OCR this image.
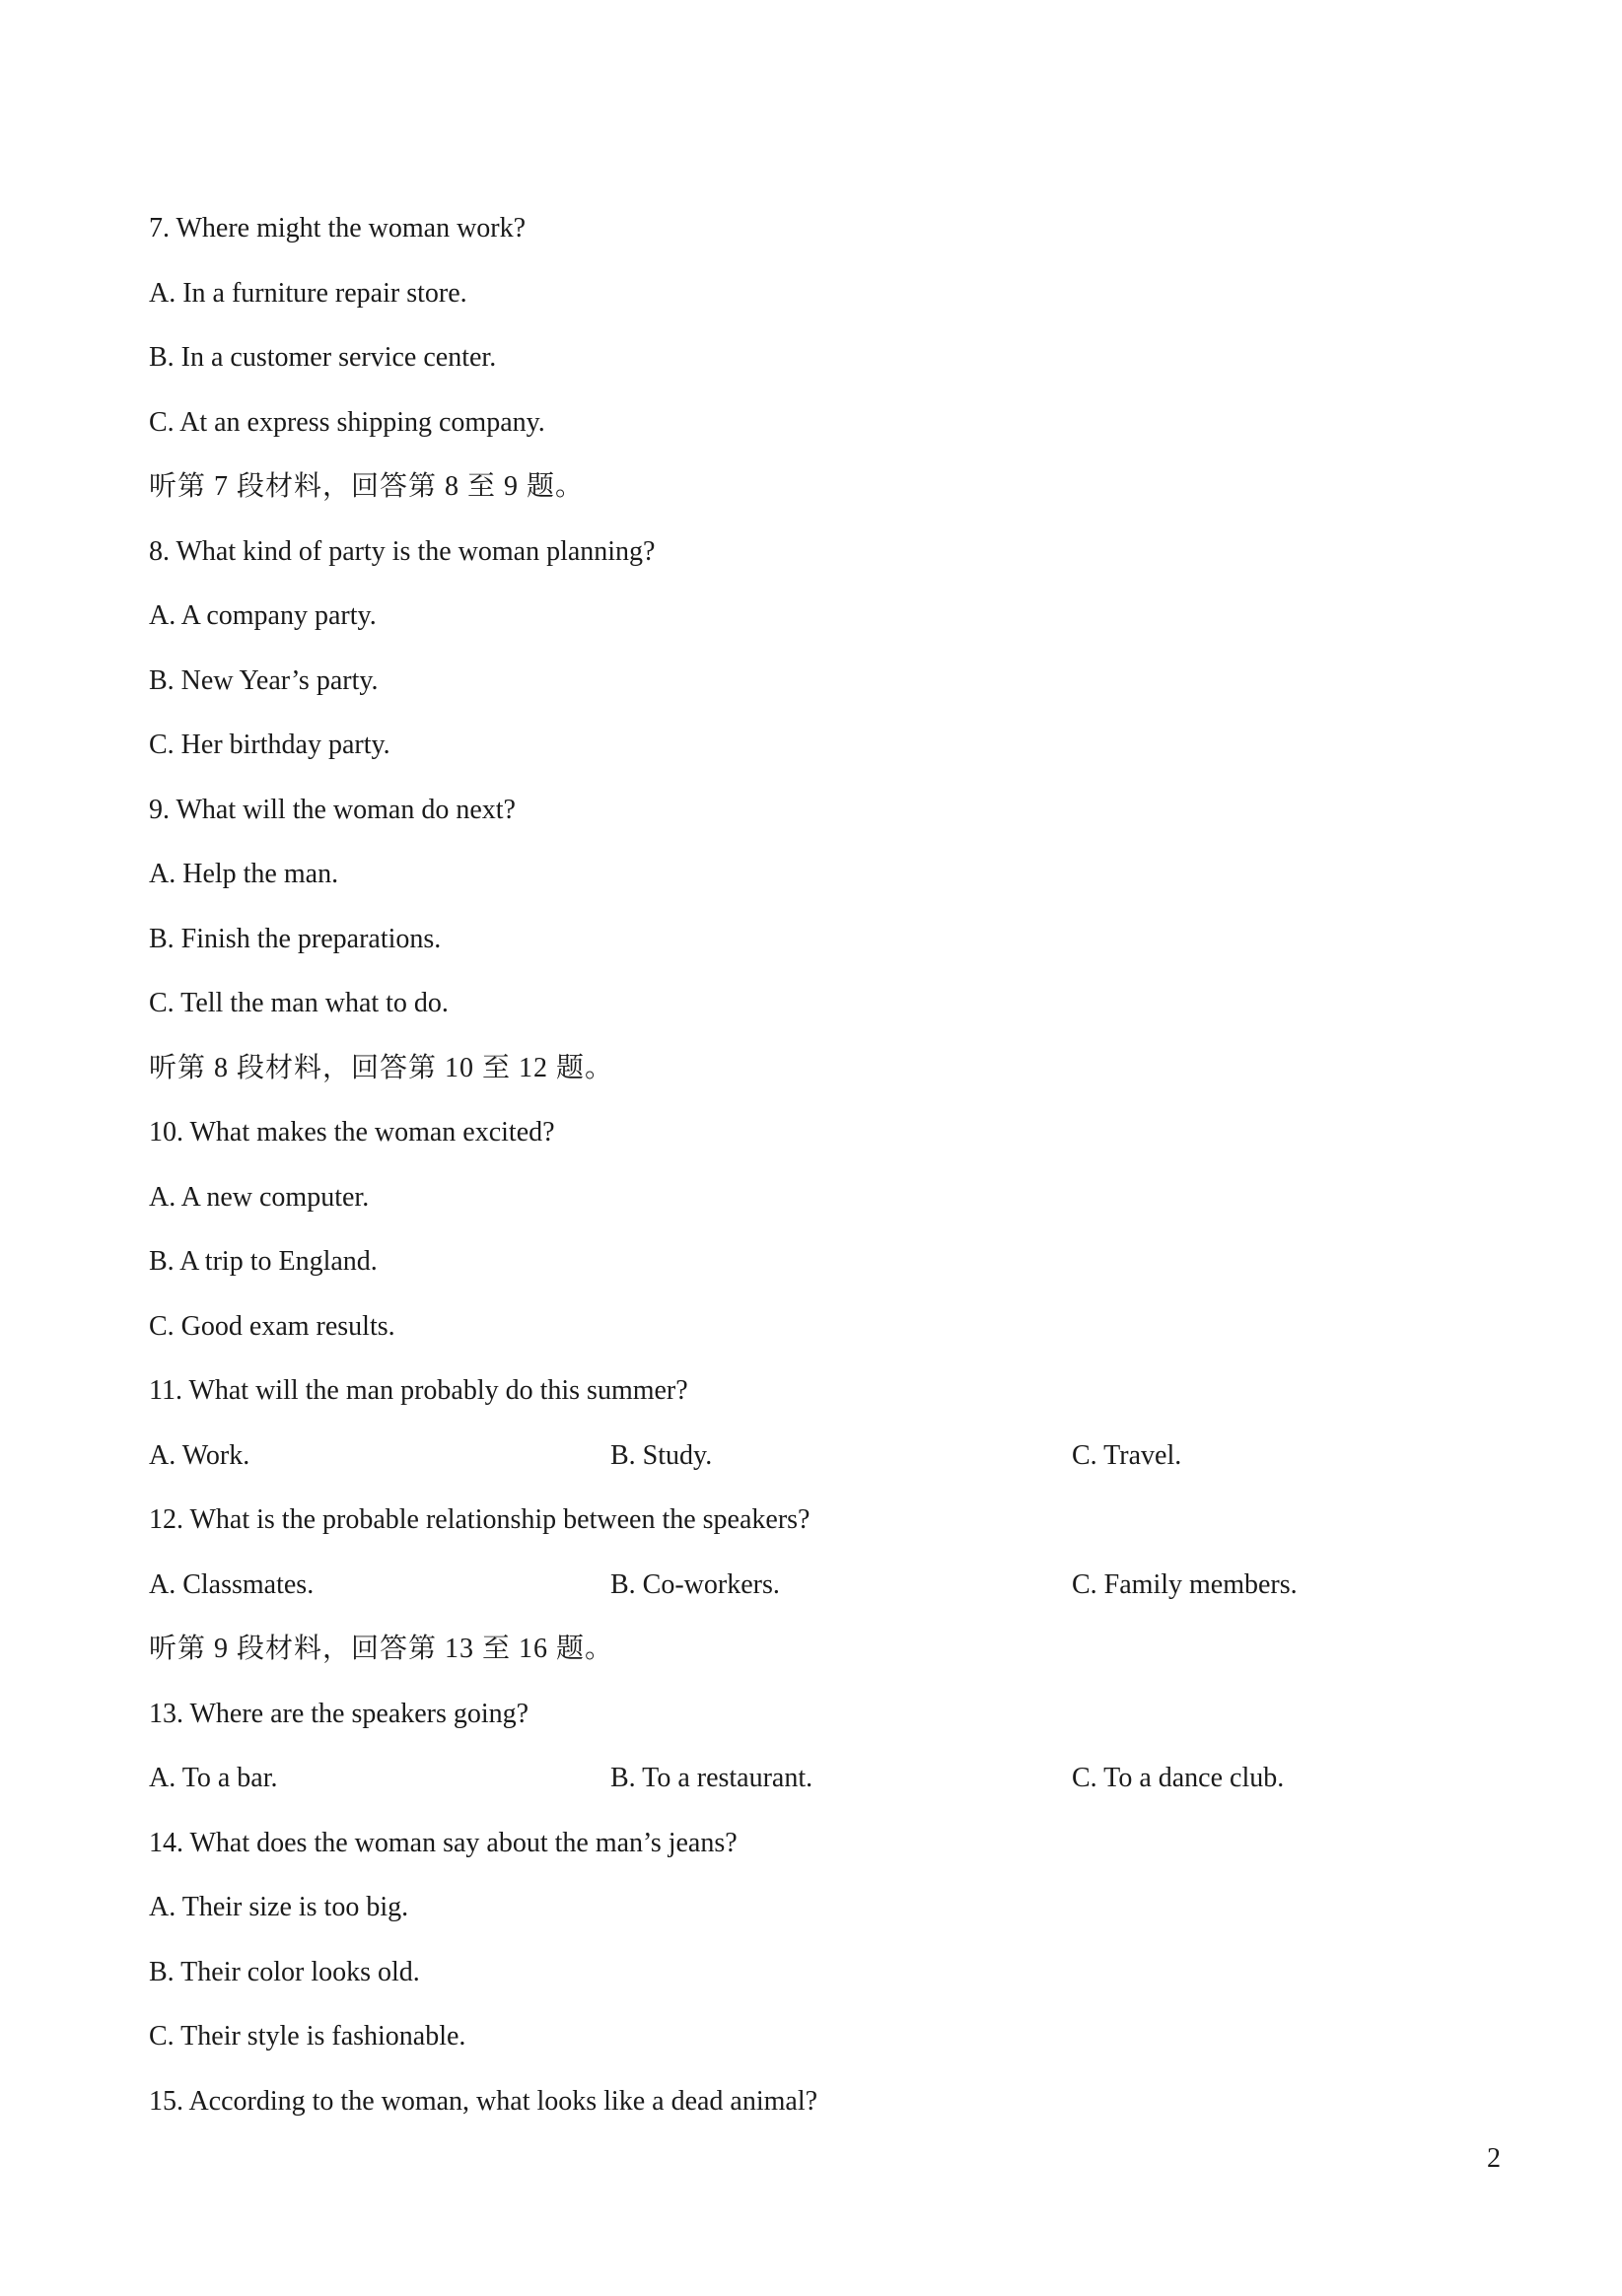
7. Where might the woman work?
A. In a furniture repair store.
B. In a customer service center.
C. At an express shipping company.
听第 7 段材料，回答第 8 至 9 题。
8. What kind of party is the woman planning?
A. A company party.
B. New Year’s party.
C. Her birthday party.
9. What will the woman do next?
A. Help the man.
B. Finish the preparations.
C. Tell the man what to do.
听第 8 段材料，回答第 10 至 12 题。
10. What makes the woman excited?
A. A new computer.
B. A trip to England.
C. Good exam results.
11. What will the man probably do this summer?
A. Work.	B. Study.	C. Travel.
12. What is the probable relationship between the speakers?
A. Classmates.	B. Co-workers.	C. Family members.
听第 9 段材料，回答第 13 至 16 题。
13. Where are the speakers going?
A. To a bar.	B. To a restaurant.	C. To a dance club.
14. What does the woman say about the man’s jeans?
A. Their size is too big.
B. Their color looks old.
C. Their style is fashionable.
15. According to the woman, what looks like a dead animal?
2
